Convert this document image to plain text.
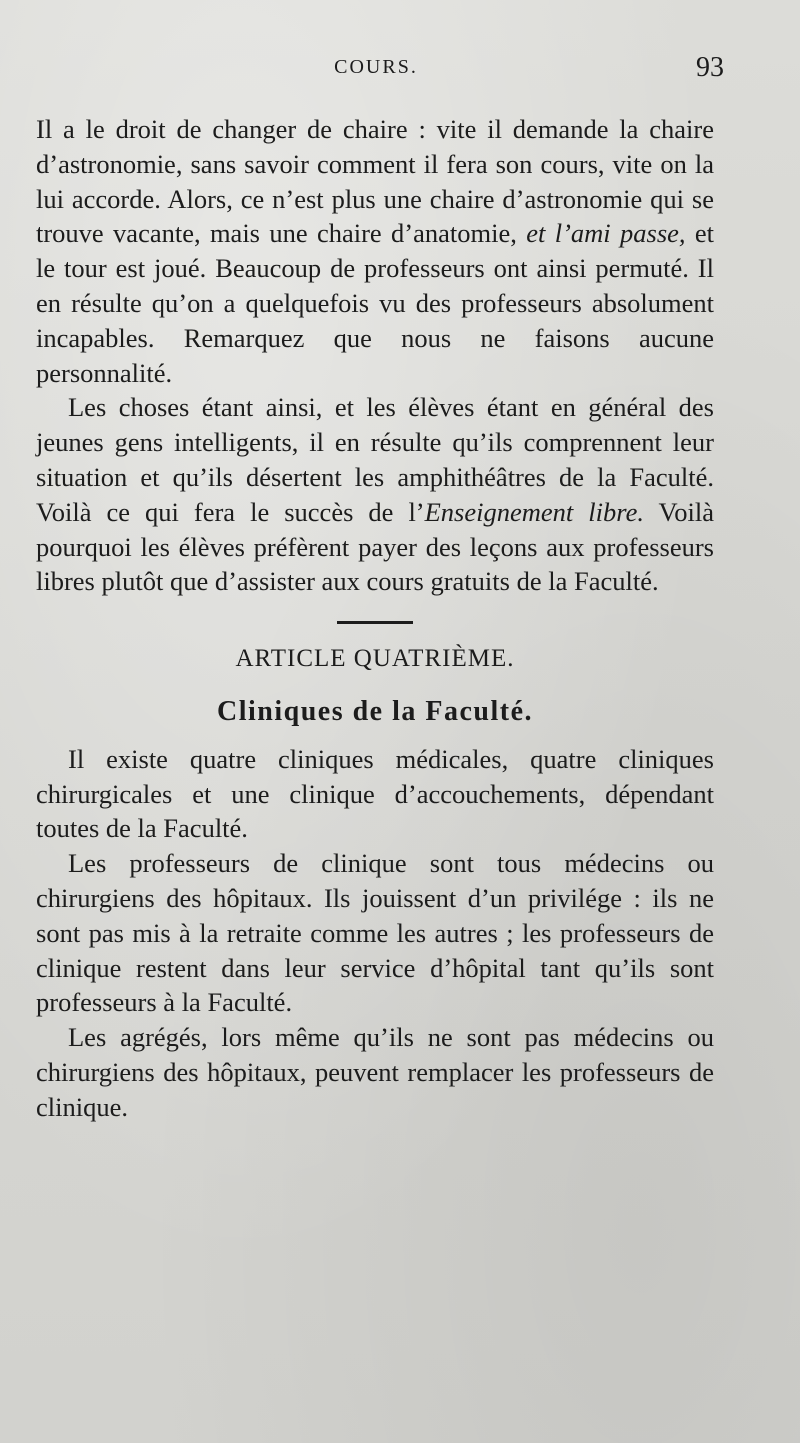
COURS.	93

Il a le droit de changer de chaire : vite il demande la chaire d’astronomie, sans savoir comment il fera son cours, vite on la lui accorde. Alors, ce n’est plus une chaire d’astronomie qui se trouve vacante, mais une chaire d’anatomie, et l’ami passe, et le tour est joué. Beaucoup de professeurs ont ainsi permuté. Il en résulte qu’on a quelquefois vu des professeurs absolument incapables. Remarquez que nous ne faisons aucune personnalité.

Les choses étant ainsi, et les élèves étant en général des jeunes gens intelligents, il en résulte qu’ils comprennent leur situation et qu’ils désertent les amphithéâtres de la Faculté. Voilà ce qui fera le succès de l’Enseignement libre. Voilà pourquoi les élèves préfèrent payer des leçons aux professeurs libres plutôt que d’assister aux cours gratuits de la Faculté.

ARTICLE QUATRIÈME.
Cliniques de la Faculté.

Il existe quatre cliniques médicales, quatre cliniques chirurgicales et une clinique d’accouchements, dépendant toutes de la Faculté.

Les professeurs de clinique sont tous médecins ou chirurgiens des hôpitaux. Ils jouissent d’un privilége : ils ne sont pas mis à la retraite comme les autres ; les professeurs de clinique restent dans leur service d’hôpital tant qu’ils sont professeurs à la Faculté.

Les agrégés, lors même qu’ils ne sont pas médecins ou chirurgiens des hôpitaux, peuvent remplacer les professeurs de clinique.
